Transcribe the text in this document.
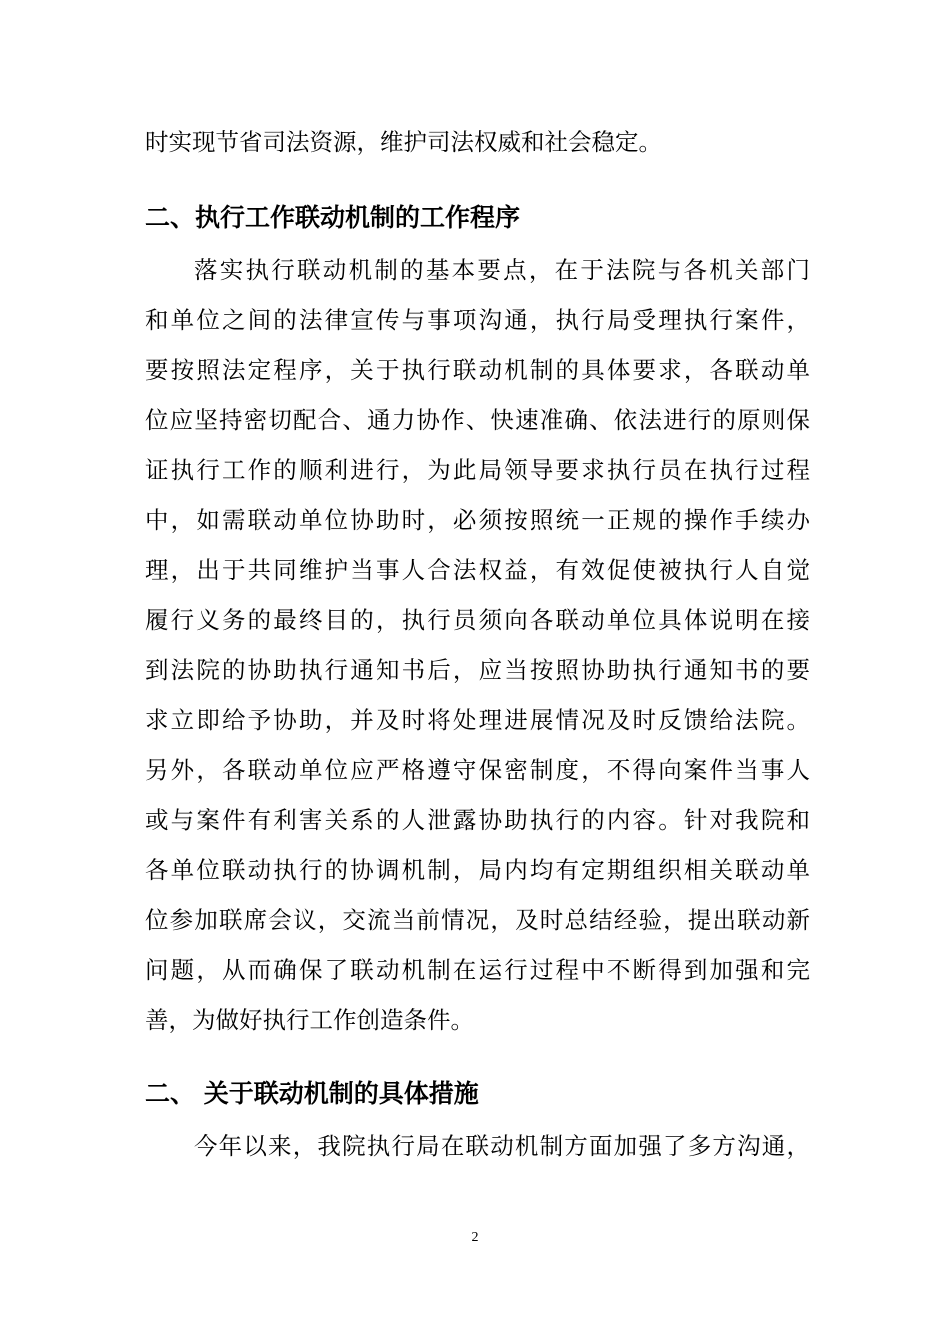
时实现节省司法资源，维护司法权威和社会稳定。
二、执行工作联动机制的工作程序
落实执行联动机制的基本要点，在于法院与各机关部门
和单位之间的法律宣传与事项沟通，执行局受理执行案件，
要按照法定程序，关于执行联动机制的具体要求，各联动单
位应坚持密切配合、通力协作、快速准确、依法进行的原则保
证执行工作的顺利进行，为此局领导要求执行员在执行过程
中，如需联动单位协助时，必须按照统一正规的操作手续办
理，出于共同维护当事人合法权益，有效促使被执行人自觉
履行义务的最终目的，执行员须向各联动单位具体说明在接
到法院的协助执行通知书后，应当按照协助执行通知书的要
求立即给予协助，并及时将处理进展情况及时反馈给法院。
另外，各联动单位应严格遵守保密制度，不得向案件当事人
或与案件有利害关系的人泄露协助执行的内容。针对我院和
各单位联动执行的协调机制，局内均有定期组织相关联动单
位参加联席会议，交流当前情况，及时总结经验，提出联动新
问题，从而确保了联动机制在运行过程中不断得到加强和完
善，为做好执行工作创造条件。
二、 关于联动机制的具体措施
今年以来，我院执行局在联动机制方面加强了多方沟通，
2
